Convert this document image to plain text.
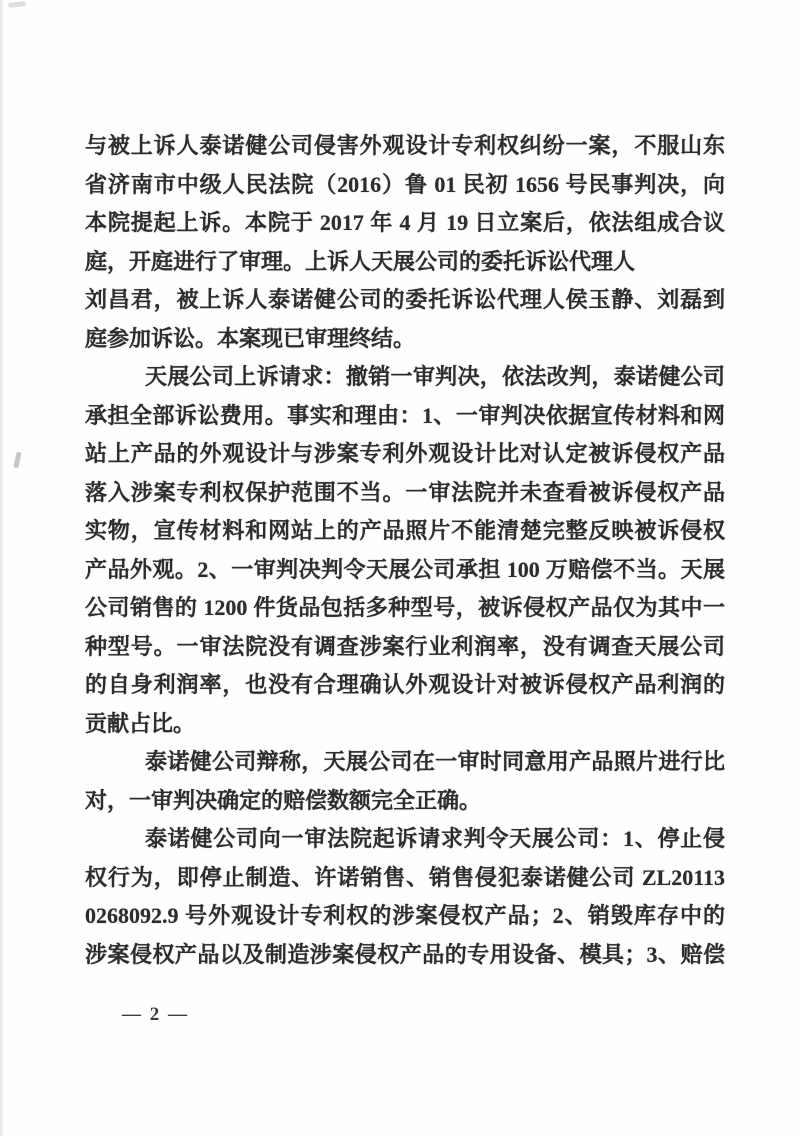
与被上诉人泰诺健公司侵害外观设计专利权纠纷一案，不服山东
省济南市中级人民法院（2016）鲁 01 民初 1656 号民事判决，向
本院提起上诉。本院于 2017 年 4 月 19 日立案后，依法组成合议
庭，开庭进行了审理。上诉人天展公司的委托诉讼代理人
刘昌君，被上诉人泰诺健公司的委托诉讼代理人侯玉静、刘磊到
庭参加诉讼。本案现已审理终结。
天展公司上诉请求：撤销一审判决，依法改判，泰诺健公司
承担全部诉讼费用。事实和理由：1、一审判决依据宣传材料和网
站上产品的外观设计与涉案专利外观设计比对认定被诉侵权产品
落入涉案专利权保护范围不当。一审法院并未查看被诉侵权产品
实物，宣传材料和网站上的产品照片不能清楚完整反映被诉侵权
产品外观。2、一审判决判令天展公司承担 100 万赔偿不当。天展
公司销售的 1200 件货品包括多种型号，被诉侵权产品仅为其中一
种型号。一审法院没有调查涉案行业利润率，没有调查天展公司
的自身利润率，也没有合理确认外观设计对被诉侵权产品利润的
贡献占比。
泰诺健公司辩称，天展公司在一审时同意用产品照片进行比
对，一审判决确定的赔偿数额完全正确。
泰诺健公司向一审法院起诉请求判令天展公司：1、停止侵
权行为，即停止制造、许诺销售、销售侵犯泰诺健公司 ZL20113
0268092.9 号外观设计专利权的涉案侵权产品；2、销毁库存中的
涉案侵权产品以及制造涉案侵权产品的专用设备、模具；3、赔偿
— 2 —
